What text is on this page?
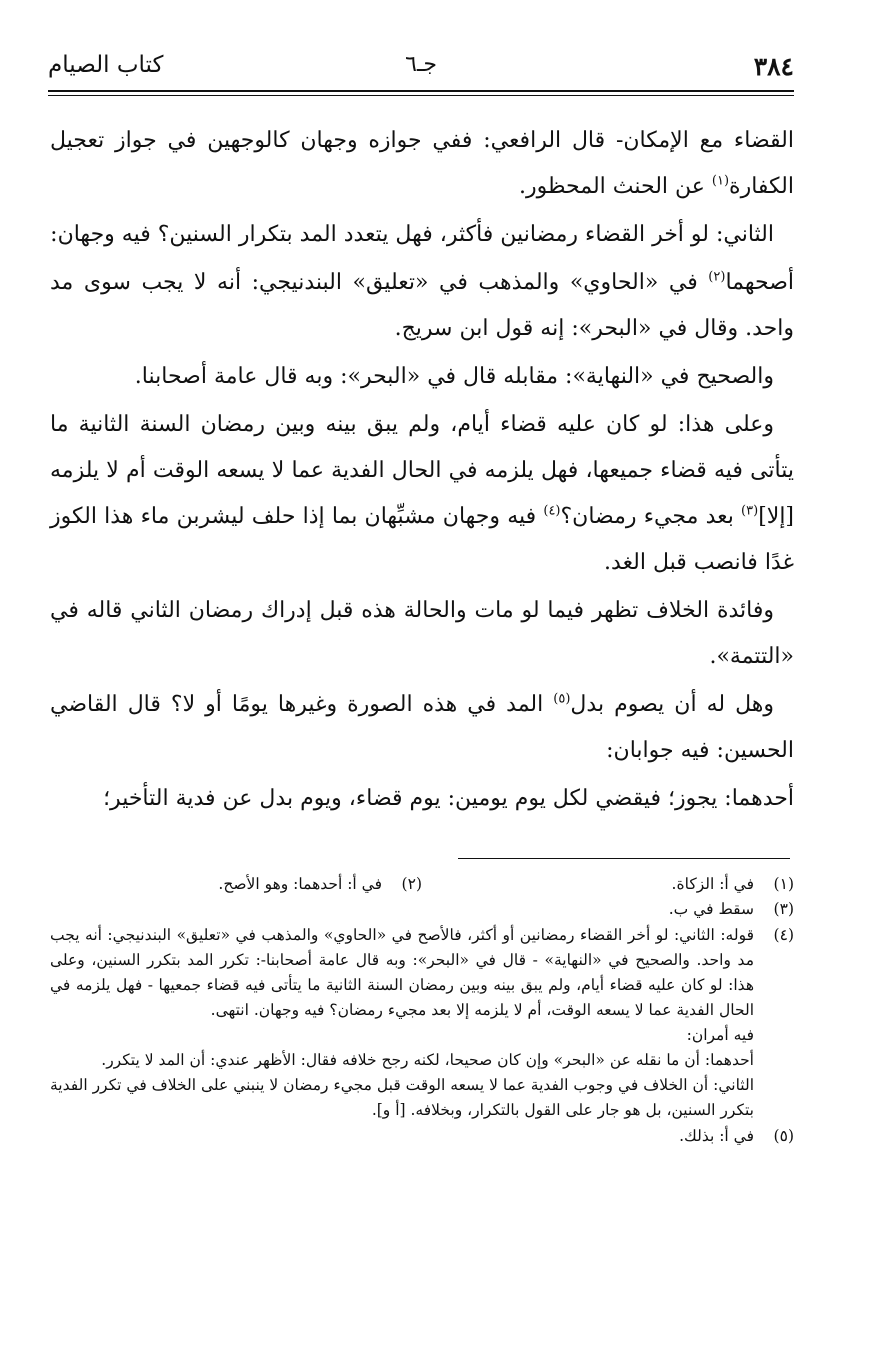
٣٨٤
جـ٦
كتاب الصيام

القضاء مع الإمكان- قال الرافعي: ففي جوازه وجهان كالوجهين في جواز تعجيل الكفارة$^{(١)}$ عن الحنث المحظور.

الثاني: لو أخر القضاء رمضانين فأكثر، فهل يتعدد المد بتكرار السنين؟ فيه وجهان:

أصحهما$^{(٢)}$ في «الحاوي» والمذهب في «تعليق» البندنيجي: أنه لا يجب سوى مد واحد. وقال في «البحر»: إنه قول ابن سريج.

والصحيح في «النهاية»: مقابله قال في «البحر»: وبه قال عامة أصحابنا.

وعلى هذا: لو كان عليه قضاء أيام، ولم يبق بينه وبين رمضان السنة الثانية ما يتأتى فيه قضاء جميعها، فهل يلزمه في الحال الفدية عما لا يسعه الوقت أم لا يلزمه [إلا]$^{(٣)}$ بعد مجيء رمضان؟$^{(٤)}$ فيه وجهان مشبِّهان بما إذا حلف ليشربن ماء هذا الكوز غدًا فانصب قبل الغد.

وفائدة الخلاف تظهر فيما لو مات والحالة هذه قبل إدراك رمضان الثاني قاله في «التتمة».

وهل له أن يصوم بدل$^{(٥)}$ المد في هذه الصورة وغيرها يومًا أو لا؟ قال القاضي الحسين: فيه جوابان:

أحدهما: يجوز؛ فيقضي لكل يوم يومين: يوم قضاء، ويوم بدل عن فدية التأخير؛

(١)
في أ: الزكاة.
(٢)
في أ: أحدهما: وهو الأصح.
(٣)
سقط في ب.
(٤)

قوله: الثاني: لو أخر القضاء رمضانين أو أكثر، فالأصح في «الحاوي» والمذهب في «تعليق» البندنيجي: أنه يجب مد واحد. والصحيح في «النهاية» - قال في «البحر»: وبه قال عامة أصحابنا-: تكرر المد بتكرر السنين، وعلى هذا: لو كان عليه قضاء أيام، ولم يبق بينه وبين رمضان السنة الثانية ما يتأتى فيه قضاء جمعيها - فهل يلزمه في الحال الفدية عما لا يسعه الوقت، أم لا يلزمه إلا بعد مجيء رمضان؟ فيه وجهان. انتهى.

فيه أمران:

أحدهما: أن ما نقله عن «البحر» وإن كان صحيحا، لكنه رجح خلافه فقال: الأظهر عندي: أن المد لا يتكرر.

الثاني: أن الخلاف في وجوب الفدية عما لا يسعه الوقت قبل مجيء رمضان لا ينبني على الخلاف في تكرر الفدية بتكرر السنين، بل هو جار على القول بالتكرار، وبخلافه. [أ و].

(٥)
في أ: بذلك.
